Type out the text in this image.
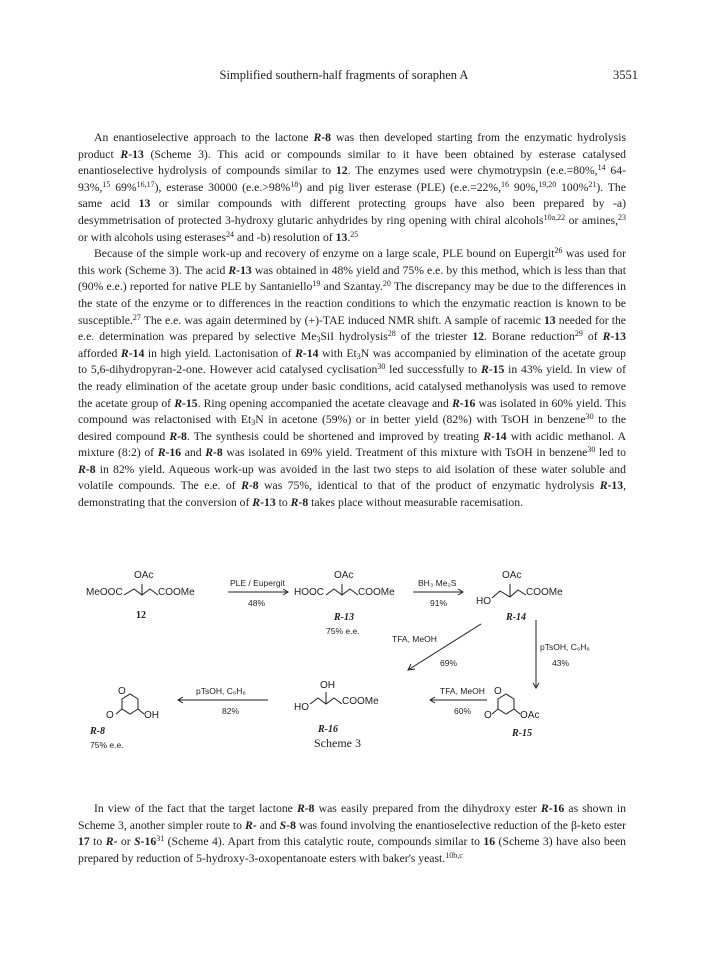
Simplified southern-half fragments of soraphen A	3551

An enantioselective approach to the lactone R-8 was then developed starting from the enzymatic hydrolysis product R-13 (Scheme 3). This acid or compounds similar to it have been obtained by esterase catalysed enantioselective hydrolysis of compounds similar to 12. The enzymes used were chymotrypsin (e.e.=80%,$^{14}$ 64-93%,$^{15}$ 69%$^{16,17}$), esterase 30000 (e.e.>98%$^{18}$) and pig liver esterase (PLE) (e.e.=22%,$^{16}$ 90%,$^{19,20}$ 100%$^{21}$). The same acid 13 or similar compounds with different protecting groups have also been prepared by -a) desymmetrisation of protected 3-hydroxy glutaric anhydrides by ring opening with chiral alcohols$^{10a,22}$ or amines,$^{23}$ or with alcohols using esterases$^{24}$ and -b) resolution of 13.25

Because of the simple work-up and recovery of enzyme on a large scale, PLE bound on Eupergit$^{26}$ was used for this work (Scheme 3). The acid R-13 was obtained in 48% yield and 75% e.e. by this method, which is less than that (90% e.e.) reported for native PLE by Santaniello$^{19}$ and Szantay.$^{20}$ The discrepancy may be due to the differences in the state of the enzyme or to differences in the reaction conditions to which the enzymatic reaction is known to be susceptible.$^{27}$ The e.e. was again determined by (+)-TAE induced NMR shift. A sample of racemic 13 needed for the e.e. determination was prepared by selective $Me_3SiI$ hydrolysis$^{28}$ of the triester 12. Borane reduction$^{29}$ of R-13 afforded R-14 in high yield. Lactonisation of R-14 with $Et_3N$ was accompanied by elimination of the acetate group to 5,6-dihydropyran-2-one. However acid catalysed cyclisation$^{30}$ led successfully to R-15 in 43% yield. In view of the ready elimination of the acetate group under basic conditions, acid catalysed methanolysis was used to remove the acetate group of R-15. Ring opening accompanied the acetate cleavage and R-16 was isolated in 60% yield. This compound was relactonised with $Et_3N$ in acetone (59%) or in better yield (82%) with TsOH in benzene$^{30}$ to the desired compound R-8. The synthesis could be shortened and improved by treating R-14 with acidic methanol. A mixture (8:2) of R-16 and R-8 was isolated in 69% yield. Treatment of this mixture with TsOH in benzene$^{30}$ led to R-8 in 82% yield. Aqueous work-up was avoided in the last two steps to aid isolation of these water soluble and volatile compounds. The e.e. of R-8 was 75%, identical to that of the product of enzymatic hydrolysis R-13, demonstrating that the conversion of R-13 to R-8 takes place without measurable racemisation.

OAc
MeOOC	COOMe
12
PLE / Eupergit
48%
OAc
HOOC	COOMe
R-13
75% e.e.
BH₃ Me₂S
91%
OAc
HO
COOMe
R-14
TFA, MeOH
69%
pTsOH, C₆H₆
43%
O
O	OAc
R-15
TFA, MeOH
60%
OH
HO
COOMe
R-16
pTsOH, C₆H₆
82%
O
O	OH
R-8
75% e.e.	Scheme 3

In view of the fact that the target lactone R-8 was easily prepared from the dihydroxy ester R-16 as shown in Scheme 3, another simpler route to R- and S-8 was found involving the enantioselective reduction of the β-keto ester 17 to R- or $S-16^{31}$ (Scheme 4). Apart from this catalytic route, compounds similar to 16 (Scheme 3) have also been prepared by reduction of 5-hydroxy-3-oxopentanoate esters with baker's yeast.$^{10b,c}$
